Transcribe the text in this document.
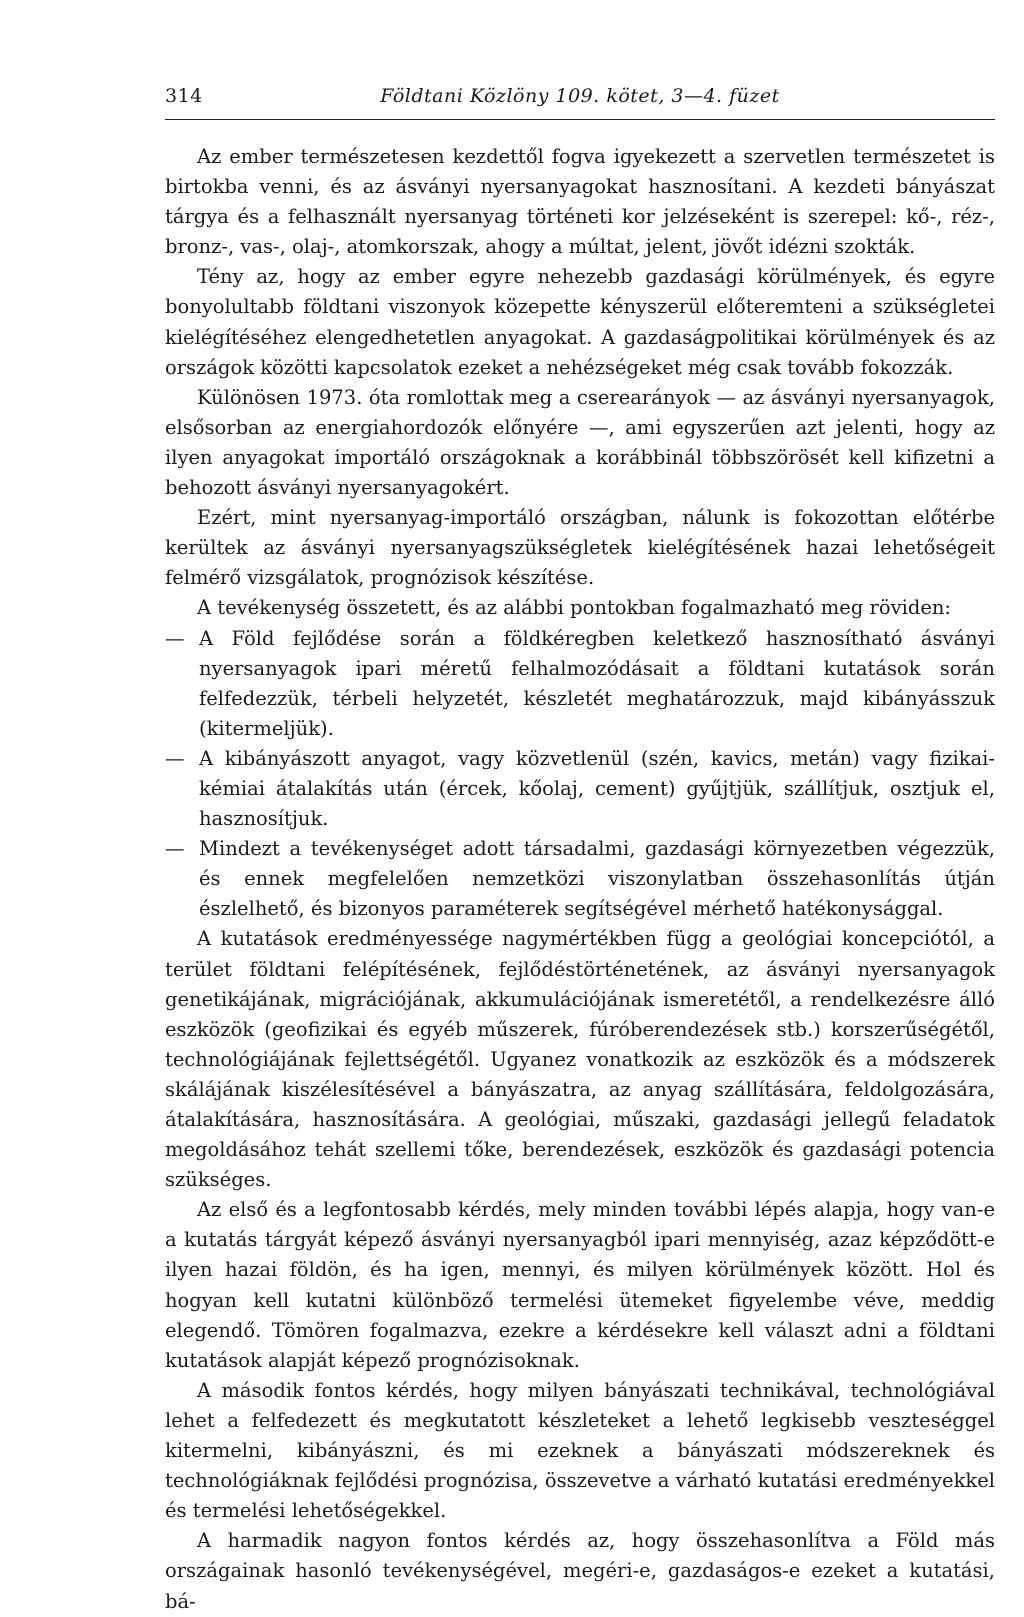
314	Földtani Közlöny 109. kötet, 3—4. füzet

Az ember természetesen kezdettől fogva igyekezett a szervetlen természetet is birtokba venni, és az ásványi nyersanyagokat hasznosítani. A kezdeti bányászat tárgya és a felhasznált nyersanyag történeti kor jelzéseként is szerepel: kő-, réz-, bronz-, vas-, olaj-, atomkorszak, ahogy a múltat, jelent, jövőt idézni szokták.

Tény az, hogy az ember egyre nehezebb gazdasági körülmények, és egyre bonyolultabb földtani viszonyok közepette kényszerül előteremteni a szükségletei kielégítéséhez elengedhetetlen anyagokat. A gazdaságpolitikai körülmények és az országok közötti kapcsolatok ezeket a nehézségeket még csak tovább fokozzák.

Különösen 1973. óta romlottak meg a cserearányok — az ásványi nyersanyagok, elsősorban az energiahordozók előnyére —, ami egyszerűen azt jelenti, hogy az ilyen anyagokat importáló országoknak a korábbinál többszörösét kell kifizetni a behozott ásványi nyersanyagokért.

Ezért, mint nyersanyag-importáló országban, nálunk is fokozottan előtérbe kerültek az ásványi nyersanyagszükségletek kielégítésének hazai lehetőségeit felmérő vizsgálatok, prognózisok készítése.

A tevékenység összetett, és az alábbi pontokban fogalmazható meg röviden:

— A Föld fejlődése során a földkéregben keletkező hasznosítható ásványi nyersanyagok ipari méretű felhalmozódásait a földtani kutatások során felfedezzük, térbeli helyzetét, készletét meghatározzuk, majd kibányásszuk (kitermeljük).
— A kibányászott anyagot, vagy közvetlenül (szén, kavics, metán) vagy fizikai-kémiai átalakítás után (ércek, kőolaj, cement) gyűjtjük, szállítjuk, osztjuk el, hasznosítjuk.
— Mindezt a tevékenységet adott társadalmi, gazdasági környezetben végezzük, és ennek megfelelően nemzetközi viszonylatban összehasonlítás útján észlelhető, és bizonyos paraméterek segítségével mérhető hatékonysággal.

A kutatások eredményessége nagymértékben függ a geológiai koncepciótól, a terület földtani felépítésének, fejlődéstörténetének, az ásványi nyersanyagok genetikájának, migrációjának, akkumulációjának ismeretétől, a rendelkezésre álló eszközök (geofizikai és egyéb műszerek, fúróberendezések stb.) korszerűségétől, technológiájának fejlettségétől. Ugyanez vonatkozik az eszközök és a módszerek skálájának kiszélesítésével a bányászatra, az anyag szállítására, feldolgozására, átalakítására, hasznosítására. A geológiai, műszaki, gazdasági jellegű feladatok megoldásához tehát szellemi tőke, berendezések, eszközök és gazdasági potencia szükséges.

Az első és a legfontosabb kérdés, mely minden további lépés alapja, hogy van-e a kutatás tárgyát képező ásványi nyersanyagból ipari mennyiség, azaz képződött-e ilyen hazai földön, és ha igen, mennyi, és milyen körülmények között. Hol és hogyan kell kutatni különböző termelési ütemeket figyelembe véve, meddig elegendő. Tömören fogalmazva, ezekre a kérdésekre kell választ adni a földtani kutatások alapját képező prognózisoknak.

A második fontos kérdés, hogy milyen bányászati technikával, technológiával lehet a felfedezett és megkutatott készleteket a lehető legkisebb veszteséggel kitermelni, kibányászni, és mi ezeknek a bányászati módszereknek és technológiáknak fejlődési prognózisa, összevetve a várható kutatási eredményekkel és termelési lehetőségekkel.

A harmadik nagyon fontos kérdés az, hogy összehasonlítva a Föld más országainak hasonló tevékenységével, megéri-e, gazdaságos-e ezeket a kutatási, bá-
